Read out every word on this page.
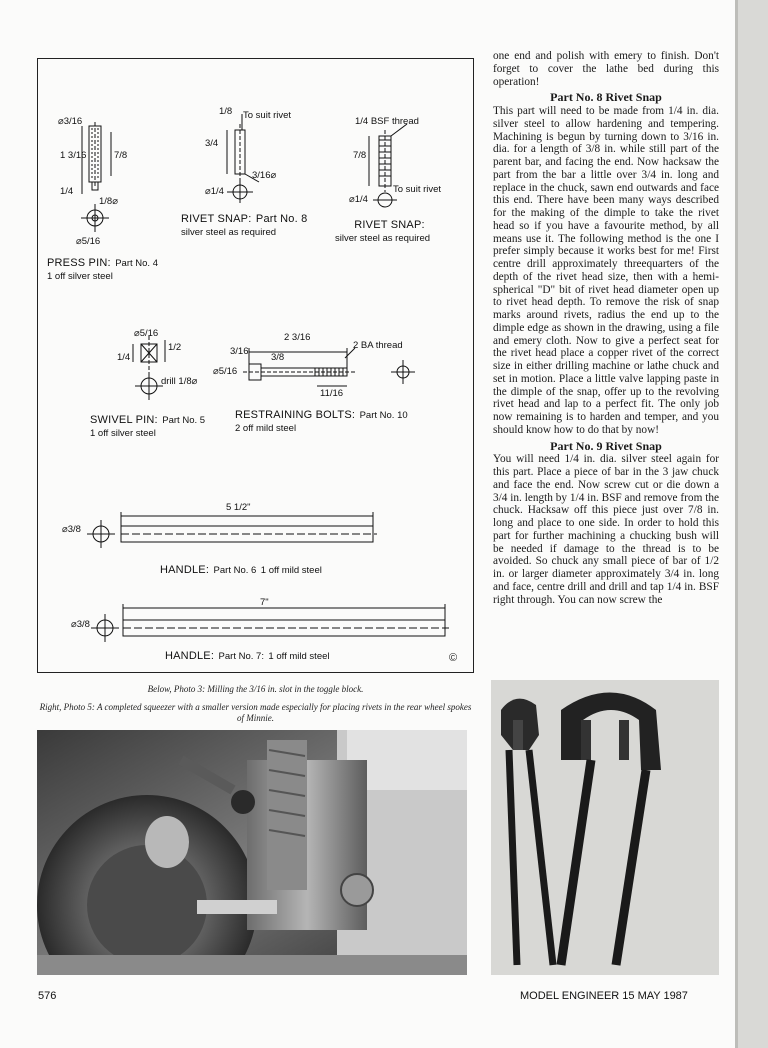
⌀3/16
1 3/16	7/8
1/4
1/8⌀
⌀5/16
PRESS PIN: Part No. 4
1 off silver steel
To suit rivet
1/8
3/4
3/16⌀
⌀1/4
RIVET SNAP: Part No. 8
silver steel as required
1/4 BSF thread
7/8
To suit rivet
⌀1/4
RIVET SNAP:
silver steel as required
⌀5/16
1/2
1/4
drill 1/8⌀
SWIVEL PIN: Part No. 5
1 off silver steel
2 3/16
2 BA thread
3/16
3/8
⌀5/16
11/16
RESTRAINING BOLTS: Part No. 10
2 off mild steel
5 1/2"
⌀3/8
HANDLE: Part No. 6 1 off mild steel
7"
⌀3/8
HANDLE: Part No. 7: 1 off mild steel	©
Below, Photo 3: Milling the 3/16 in. slot in the toggle block.
Right, Photo 5: A completed squeezer with a smaller version made especially for placing rivets in the rear wheel spokes of Minnie.

one end and polish with emery to finish. Don't forget to cover the lathe bed during this operation!

Part No. 8 Rivet Snap

This part will need to be made from 1/4 in. dia. silver steel to allow hardening and tempering. Machining is begun by turning down to 3/16 in. dia. for a length of 3/8 in. while still part of the parent bar, and facing the end. Now hacksaw the part from the bar a little over 3/4 in. long and replace in the chuck, sawn end outwards and face this end. There have been many ways described for the making of the dimple to take the rivet head so if you have a favourite method, by all means use it. The following method is the one I prefer simply because it works best for me! First centre drill approximately threequarters of the depth of the rivet head size, then with a hemi-spherical "D" bit of rivet head diameter open up to rivet head depth. To remove the risk of snap marks around rivets, radius the end up to the dimple edge as shown in the drawing, using a file and emery cloth. Now to give a perfect seat for the rivet head place a copper rivet of the correct size in either drilling machine or lathe chuck and set in motion. Place a little valve lapping paste in the dimple of the snap, offer up to the revolving rivet head and lap to a perfect fit. The only job now remaining is to harden and temper, and you should know how to do that by now!

Part No. 9 Rivet Snap

You will need 1/4 in. dia. silver steel again for this part. Place a piece of bar in the 3 jaw chuck and face the end. Now screw cut or die down a 3/4 in. length by 1/4 in. BSF and remove from the chuck. Hacksaw off this piece just over 7/8 in. long and place to one side. In order to hold this part for further machining a chucking bush will be needed if damage to the thread is to be avoided. So chuck any small piece of bar of 1/2 in. or larger diameter approximately 3/4 in. long and face, centre drill and drill and tap 1/4 in. BSF right through. You can now screw the

576	MODEL ENGINEER 15 MAY 1987
